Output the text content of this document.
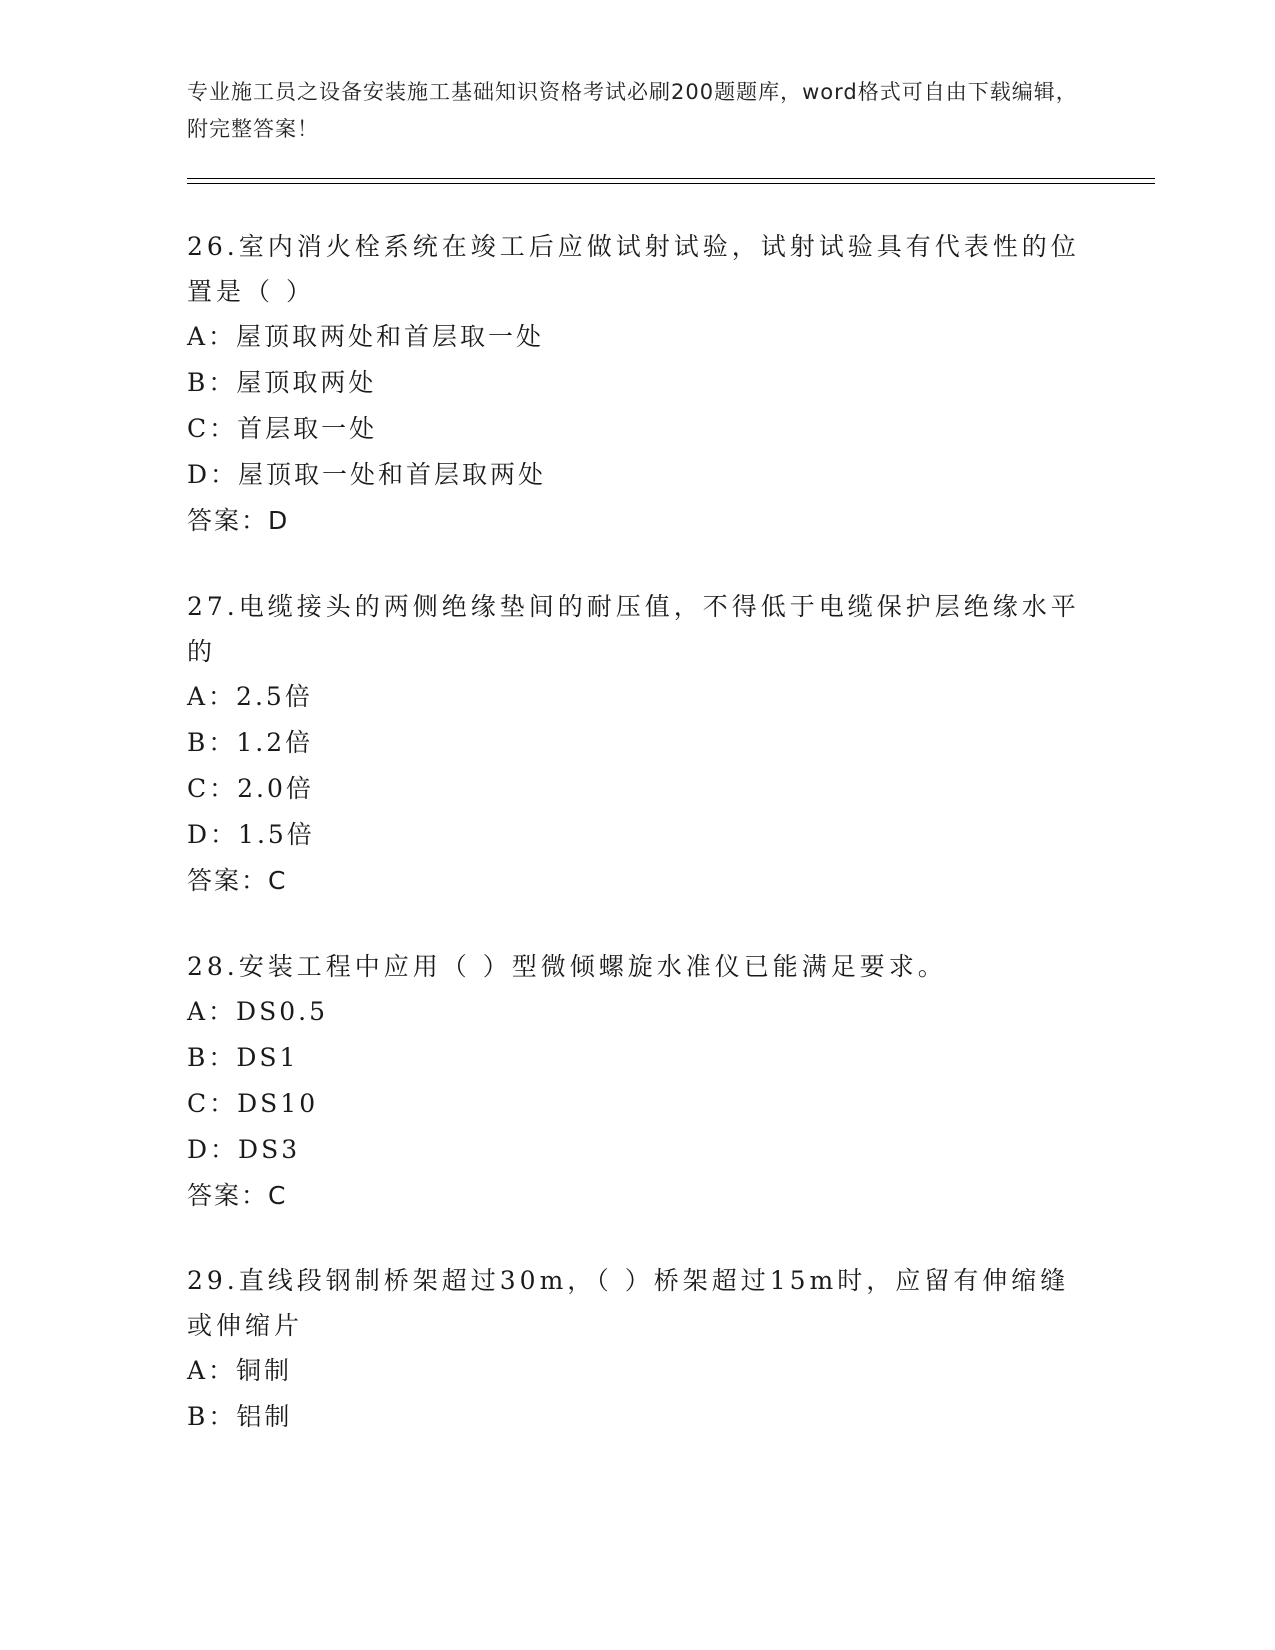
专业施工员之设备安装施工基础知识资格考试必刷200题题库，word格式可自由下载编辑，附完整答案！

26.室内消火栓系统在竣工后应做试射试验，试射试验具有代表性的位置是（ ）

A：屋顶取两处和首层取一处

B：屋顶取两处

C：首层取一处

D：屋顶取一处和首层取两处

答案：D

27.电缆接头的两侧绝缘垫间的耐压值，不得低于电缆保护层绝缘水平的

A：2.5倍

B：1.2倍

C：2.0倍

D：1.5倍

答案：C

28.安装工程中应用（ ）型微倾螺旋水准仪已能满足要求。

A：DS0.5

B：DS1

C：DS10

D：DS3

答案：C

29.直线段钢制桥架超过30m，（ ）桥架超过15m时，应留有伸缩缝或伸缩片

A：铜制

B：铝制
